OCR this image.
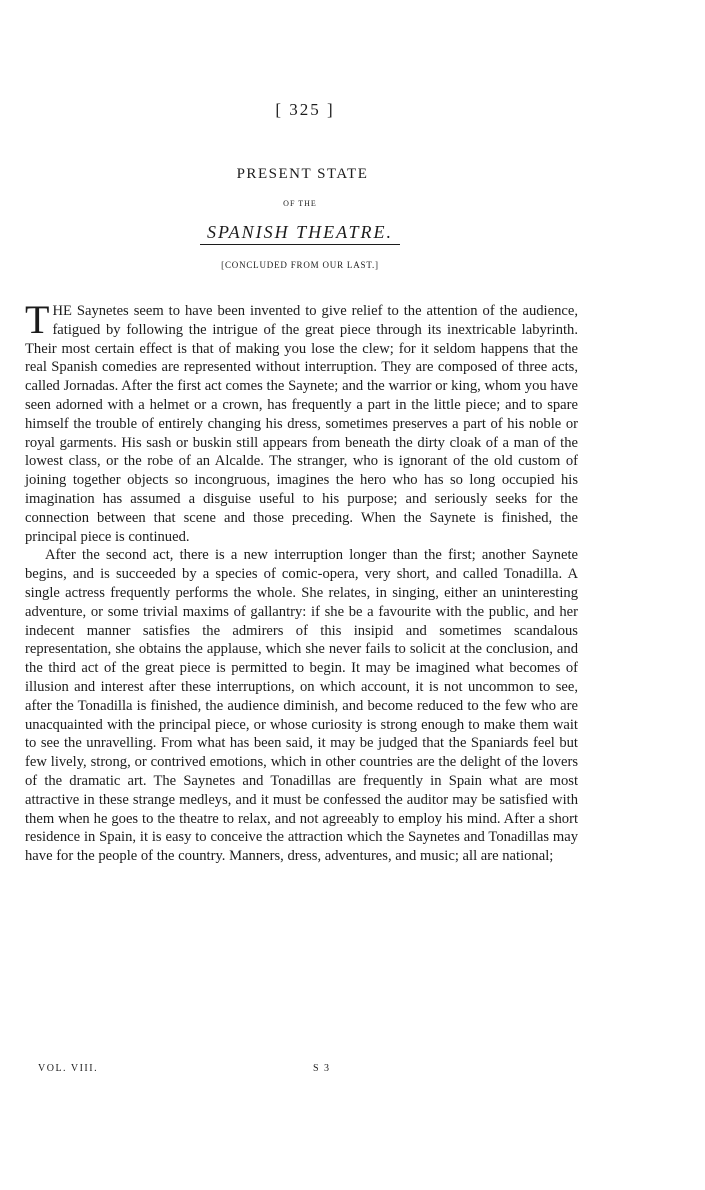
[ 325 ]
PRESENT STATE
OF THE
SPANISH THEATRE.
[CONCLUDED FROM OUR LAST.]

THE Saynetes seem to have been invented to give relief to the attention of the audience, fatigued by following the intrigue of the great piece through its inextricable labyrinth. Their most certain effect is that of making you lose the clew; for it seldom happens that the real Spanish comedies are represented without interruption. They are composed of three acts, called Jornadas. After the first act comes the Saynete; and the warrior or king, whom you have seen adorned with a helmet or a crown, has frequently a part in the little piece; and to spare himself the trouble of entirely changing his dress, sometimes preserves a part of his noble or royal garments. His sash or buskin still appears from beneath the dirty cloak of a man of the lowest class, or the robe of an Alcalde. The stranger, who is ignorant of the old custom of joining together objects so incongruous, imagines the hero who has so long occupied his imagination has assumed a disguise useful to his purpose; and seriously seeks for the connection between that scene and those preceding. When the Saynete is finished, the principal piece is continued.

After the second act, there is a new interruption longer than the first; another Saynete begins, and is succeeded by a species of comic-opera, very short, and called Tonadilla. A single actress frequently performs the whole. She relates, in singing, either an uninteresting adventure, or some trivial maxims of gallantry: if she be a favourite with the public, and her indecent manner satisfies the admirers of this insipid and sometimes scandalous representation, she obtains the applause, which she never fails to solicit at the conclusion, and the third act of the great piece is permitted to begin. It may be imagined what becomes of illusion and interest after these interruptions, on which account, it is not uncommon to see, after the Tonadilla is finished, the audience diminish, and become reduced to the few who are unacquainted with the principal piece, or whose curiosity is strong enough to make them wait to see the unravelling. From what has been said, it may be judged that the Spaniards feel but few lively, strong, or contrived emotions, which in other countries are the delight of the lovers of the dramatic art. The Saynetes and Tonadillas are frequently in Spain what are most attractive in these strange medleys, and it must be confessed the auditor may be satisfied with them when he goes to the theatre to relax, and not agreeably to employ his mind. After a short residence in Spain, it is easy to conceive the attraction which the Saynetes and Tonadillas may have for the people of the country. Manners, dress, adventures, and music; all are national;

VOL. VIII.	S 3
